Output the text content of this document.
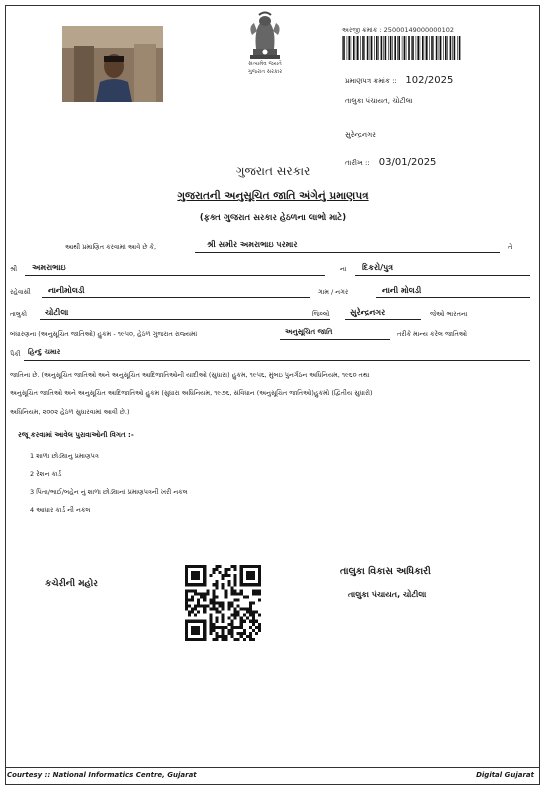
સત્યમેવ જયતે
ગુજરાત સરકાર
અરજી ક્રમાંક : 25000149000000102
પ્રમાણપત્ર ક્રમાંક :: 102/2025
તાલુકા પંચાયત, ચોટીલા
સુરેન્દ્રનગર
તારીખ :: 03/01/2025
ગુજરાત સરકાર
ગુજરાતની અનુસૂચિત જાતિ અંગેનું પ્રમાણપત્ર
(ફક્ત ગુજરાત સરકાર હેઠળના લાભો માટે)
આથી પ્રમાણિત કરવામાં આવે છે કે,	શ્રી સમીર અમરાભાઇ પરમાર	તે
શ્રી અમરાભાઇ	ના દિકરો/પુત્ર
રહેવાસી નાનીમોલડી	ગામ / નગર	નાની મોલડી
તાલુકો ચોટીલા	જિલ્લો	સુરેન્દ્રનગર	જેઓ ભારતના
બંધારણના (અનુસૂચિત જાતિઓ) હુકમ - ૧૯૫૦, હેઠળ ગુજરાત રાજ્યમાં	અનુસૂચિત જાતિ	તરીકે માન્ય કરેલ જાતિઓ
પૈકી હિન્દુ ચમાર
જાતિના છે. (અનુસૂચિત જાતિઓ અને અનુસૂચિત આદિજાતિઓની યાદીઓ (સુધારા) હુકમ, ૧૯૫૬, મુંબઇ પુનર્ગઠન અધિનિયમ, ૧૯૬૦ તથા
અનુસૂચિત જાતિઓ અને અનુસૂચિત આદિજાતિઓ હુકમ (સુધારા અધિનિયમ, ૧૯૭૬, સંવિધાન (અનુસૂચિત જાતિઓ)હુકમો (દ્વિતીય સુધારો)
અધિનિયમ, ૨૦૦૨ હેઠળ સુધારવામાં આવી છે.)
રજૂ કરવામાં આવેલ પુરાવાઓની વિગત :-
1 શાળા છોડ્યાનુ પ્રમાણપત્ર
2 રેશન કાર્ડ
3 પિતા/ભાઈ/બહેન નું શાળા છોડ્યાનાં પ્રમાણપત્રની ખરી નકલ
4 આધાર કાર્ડ ની નકલ
કચેરીની મહોર
તાલુકા વિકાસ અધિકારી
તાલુકા પંચાયત, ચોટીલા
Courtesy :: National Informatics Centre, Gujarat	Digital Gujarat
